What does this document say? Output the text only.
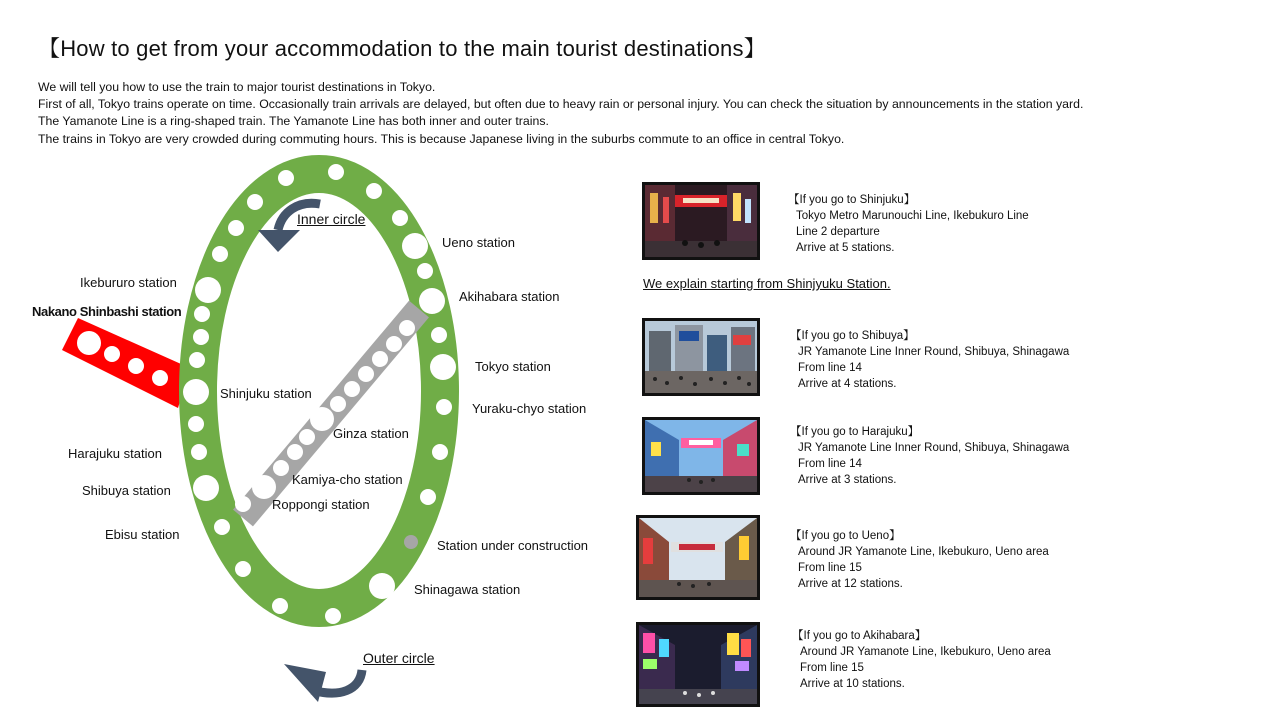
【How to get from your accommodation to the main tourist destinations】
We will tell you how to use the train to major tourist destinations in Tokyo.
First of all, Tokyo trains operate on time. Occasionally train arrivals are delayed, but often due to heavy rain or personal injury. You can check the situation by announcements in the station yard.
The Yamanote Line is a ring-shaped train. The Yamanote Line has both inner and outer trains.
The trains in Tokyo are very crowded during commuting hours. This is because Japanese living in the suburbs commute to an office in central Tokyo.
Inner circle
Outer circle
Ueno station
Akihabara station
Tokyo station
Yuraku-chyo station
Ikebururo station
Nakano Shinbashi station
Shinjuku station
Ginza station
Harajuku station
Kamiya-cho station
Shibuya station
Roppongi station
Ebisu station
Station under construction
Shinagawa station
We explain starting from Shinjyuku Station.
【If you go to Shinjuku】
Tokyo Metro Marunouchi Line, Ikebukuro Line
Line 2 departure
Arrive at 5 stations.
【If you go to Shibuya】
JR Yamanote Line Inner Round, Shibuya, Shinagawa
From line 14
Arrive at 4 stations.
【If you go to Harajuku】
JR Yamanote Line Inner Round, Shibuya, Shinagawa
From line 14
Arrive at 3 stations.
【If you go to Ueno】
Around JR Yamanote Line, Ikebukuro, Ueno area
From line 15
Arrive at 12 stations.
【If you go to Akihabara】
Around JR Yamanote Line, Ikebukuro, Ueno area
From line 15
Arrive at 10 stations.
